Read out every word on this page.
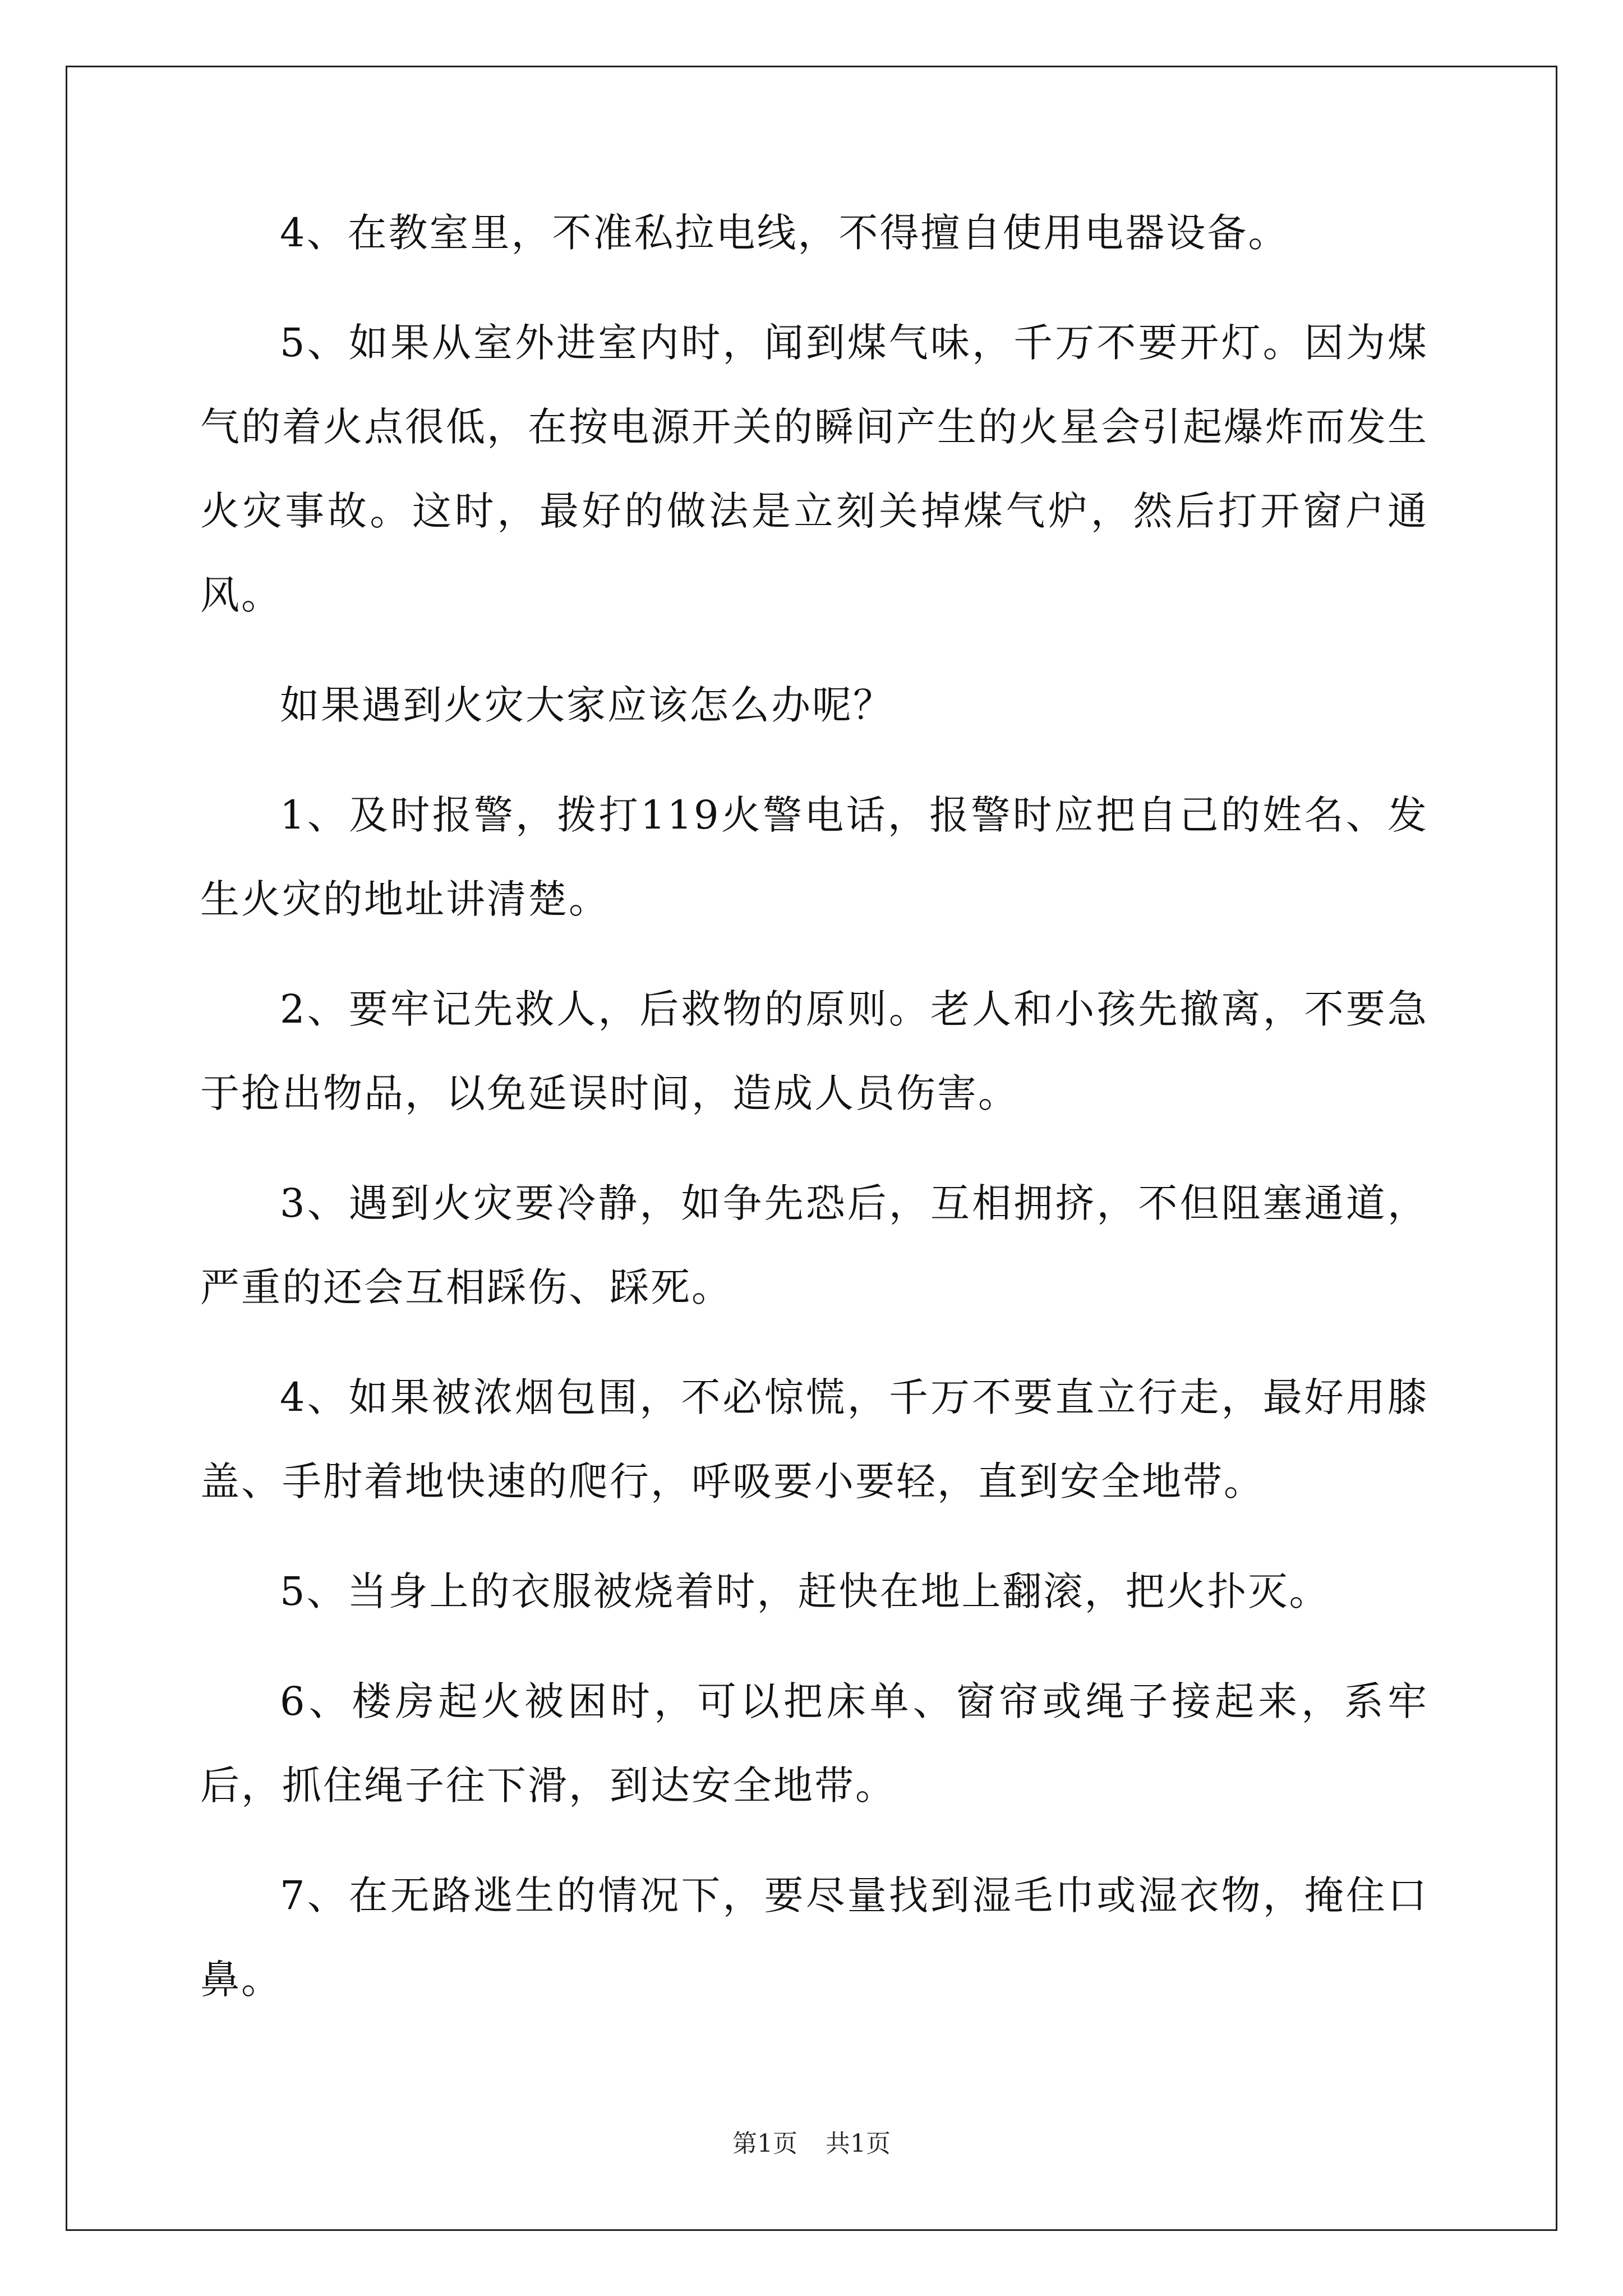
4、在教室里，不准私拉电线，不得擅自使用电器设备。

5、如果从室外进室内时，闻到煤气味，千万不要开灯。因为煤气的着火点很低，在按电源开关的瞬间产生的火星会引起爆炸而发生火灾事故。这时，最好的做法是立刻关掉煤气炉，然后打开窗户通风。

如果遇到火灾大家应该怎么办呢？

1、及时报警，拨打119火警电话，报警时应把自己的姓名、发生火灾的地址讲清楚。

2、要牢记先救人，后救物的原则。老人和小孩先撤离，不要急于抢出物品，以免延误时间，造成人员伤害。

3、遇到火灾要冷静，如争先恐后，互相拥挤，不但阻塞通道，严重的还会互相踩伤、踩死。

4、如果被浓烟包围，不必惊慌，千万不要直立行走，最好用膝盖、手肘着地快速的爬行，呼吸要小要轻，直到安全地带。

5、当身上的衣服被烧着时，赶快在地上翻滚，把火扑灭。

6、楼房起火被困时，可以把床单、窗帘或绳子接起来，系牢后，抓住绳子往下滑，到达安全地带。

7、在无路逃生的情况下，要尽量找到湿毛巾或湿衣物，掩住口鼻。

第1页 共1页
